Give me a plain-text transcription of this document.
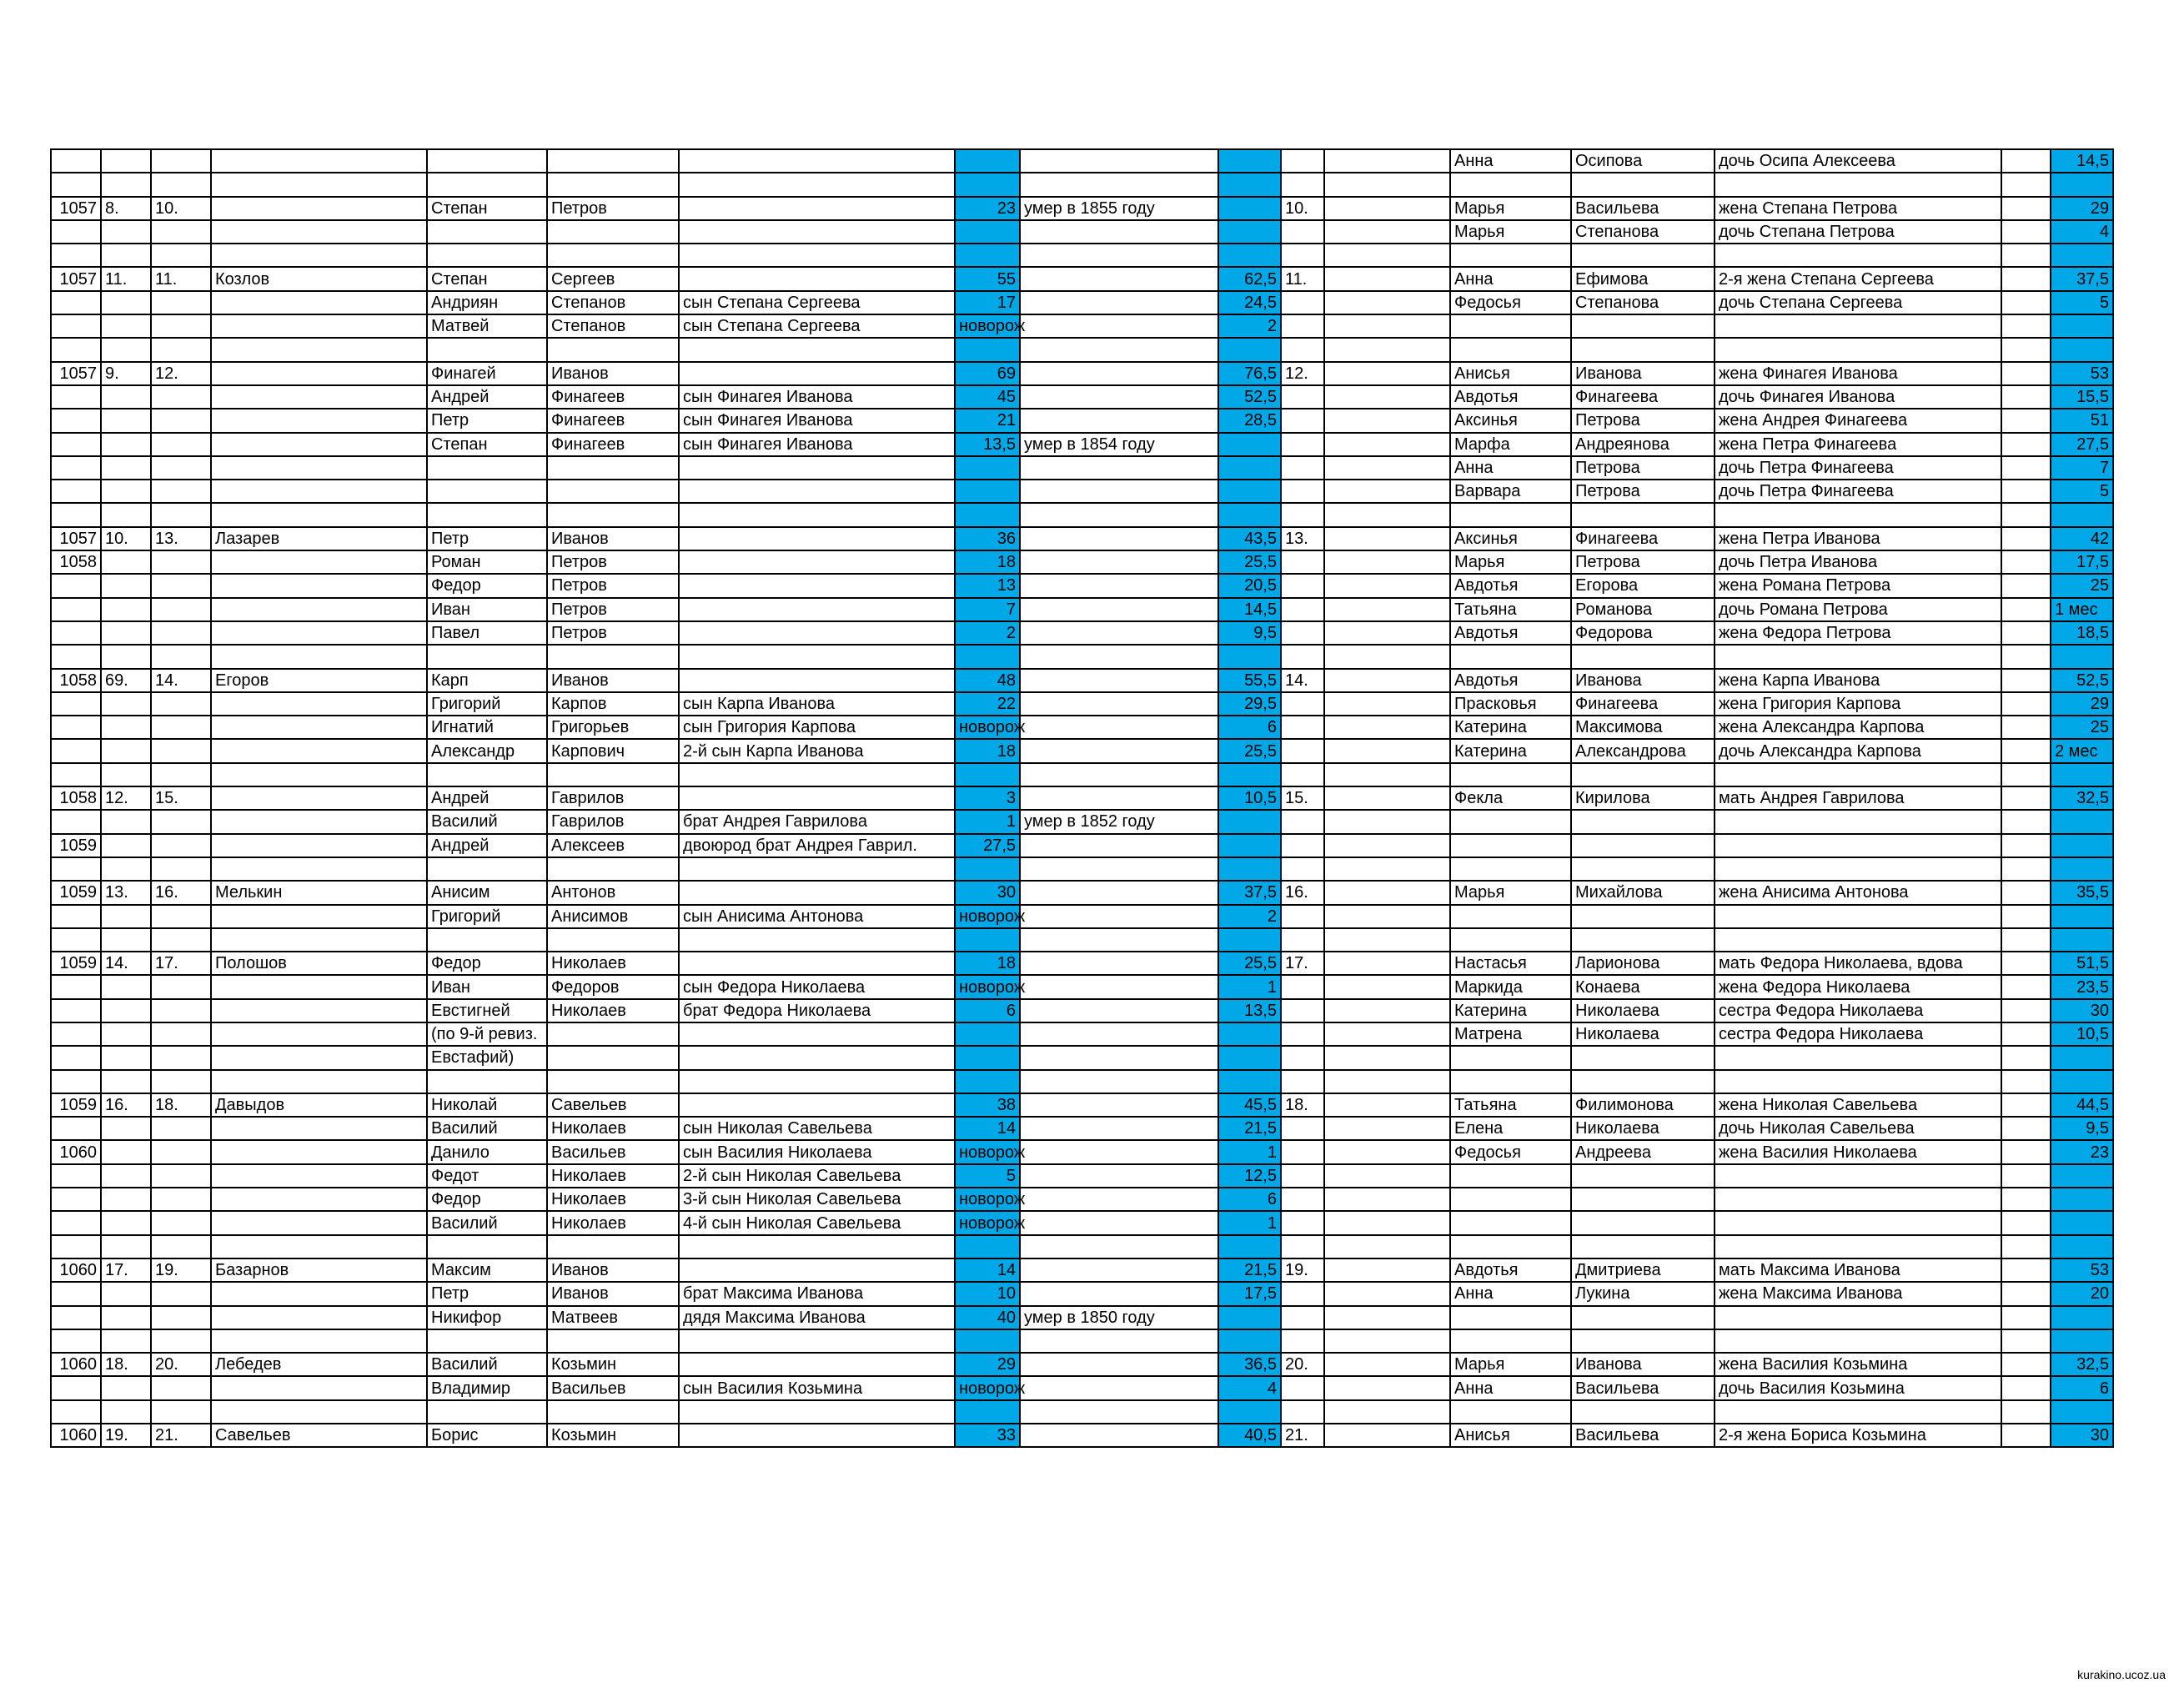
												Анна	Осипова	дочь Осипа Алексеева		14,5

1057	8.	10.		Степан	Петров		23	умер в 1855 году		10.		Марья	Васильева	жена Степана Петрова		29
												Марья	Степанова	дочь Степана Петрова		4

1057	11.	11.	Козлов	Степан	Сергеев		55		62,5	11.		Анна	Ефимова	2-я жена Степана Сергеева		37,5
				Андриян	Степанов	сын Степана Сергеева	17		24,5			Федосья	Степанова	дочь Степана Сергеева		5
				Матвей	Степанов	сын Степана Сергеева	новорож		2							

1057	9.	12.		Финагей	Иванов		69		76,5	12.		Анисья	Иванова	жена Финагея Иванова		53
				Андрей	Финагеев	сын Финагея Иванова	45		52,5			Авдотья	Финагеева	дочь Финагея Иванова		15,5
				Петр	Финагеев	сын Финагея Иванова	21		28,5			Аксинья	Петрова	жена Андрея Финагеева		51
				Степан	Финагеев	сын Финагея Иванова	13,5	умер в 1854 году				Марфа	Андреянова	жена Петра Финагеева		27,5
												Анна	Петрова	дочь Петра Финагеева		7
												Варвара	Петрова	дочь Петра Финагеева		5

1057	10.	13.	Лазарев	Петр	Иванов		36		43,5	13.		Аксинья	Финагеева	жена Петра Иванова		42
1058				Роман	Петров		18		25,5			Марья	Петрова	дочь Петра Иванова		17,5
				Федор	Петров		13		20,5			Авдотья	Егорова	жена Романа Петрова		25
				Иван	Петров		7		14,5			Татьяна	Романова	дочь Романа Петрова		1 мес
				Павел	Петров		2		9,5			Авдотья	Федорова	жена Федора Петрова		18,5

1058	69.	14.	Егоров	Карп	Иванов		48		55,5	14.		Авдотья	Иванова	жена Карпа Иванова		52,5
				Григорий	Карпов	сын Карпа Иванова	22		29,5			Прасковья	Финагеева	жена Григория Карпова		29
				Игнатий	Григорьев	сын Григория Карпова	новорож		6			Катерина	Максимова	жена Александра Карпова		25
				Александр	Карпович	2-й сын Карпа Иванова	18		25,5			Катерина	Александрова	дочь Александра Карпова		2 мес

1058	12.	15.		Андрей	Гаврилов		3		10,5	15.		Фекла	Кирилова	мать Андрея Гаврилова		32,5
				Василий	Гаврилов	брат Андрея Гаврилова	1	умер в 1852 году								
1059				Андрей	Алексеев	двоюрод брат Андрея Гаврил.	27,5									

1059	13.	16.	Мелькин	Анисим	Антонов		30		37,5	16.		Марья	Михайлова	жена Анисима Антонова		35,5
				Григорий	Анисимов	сын Анисима Антонова	новорож		2							

1059	14.	17.	Полошов	Федор	Николаев		18		25,5	17.		Настасья	Ларионова	мать Федора Николаева, вдова		51,5
				Иван	Федоров	сын Федора Николаева	новорож		1			Маркида	Конаева	жена Федора Николаева		23,5
				Евстигней	Николаев	брат Федора Николаева	6		13,5			Катерина	Николаева	сестра Федора Николаева		30
				(по 9-й ревиз.								Матрена	Николаева	сестра Федора Николаева		10,5
				Евстафий)												

1059	16.	18.	Давыдов	Николай	Савельев		38		45,5	18.		Татьяна	Филимонова	жена Николая Савельева		44,5
				Василий	Николаев	сын Николая Савельева	14		21,5			Елена	Николаева	дочь Николая Савельева		9,5
1060				Данило	Васильев	сын Василия Николаева	новорож		1			Федосья	Андреева	жена Василия Николаева		23
				Федот	Николаев	2-й сын Николая Савельева	5		12,5							
				Федор	Николаев	3-й сын Николая Савельева	новорож		6							
				Василий	Николаев	4-й сын Николая Савельева	новорож		1							

1060	17.	19.	Базарнов	Максим	Иванов		14		21,5	19.		Авдотья	Дмитриева	мать Максима Иванова		53
				Петр	Иванов	брат Максима Иванова	10		17,5			Анна	Лукина	жена Максима Иванова		20
				Никифор	Матвеев	дядя Максима Иванова	40	умер в 1850 году								

1060	18.	20.	Лебедев	Василий	Козьмин		29		36,5	20.		Марья	Иванова	жена Василия Козьмина		32,5
				Владимир	Васильев	сын Василия Козьмина	новорож		4			Анна	Васильева	дочь Василия Козьмина		6

1060	19.	21.	Савельев	Борис	Козьмин		33		40,5	21.		Анисья	Васильева	2-я жена Бориса Козьмина		30
kurakino.ucoz.ua
